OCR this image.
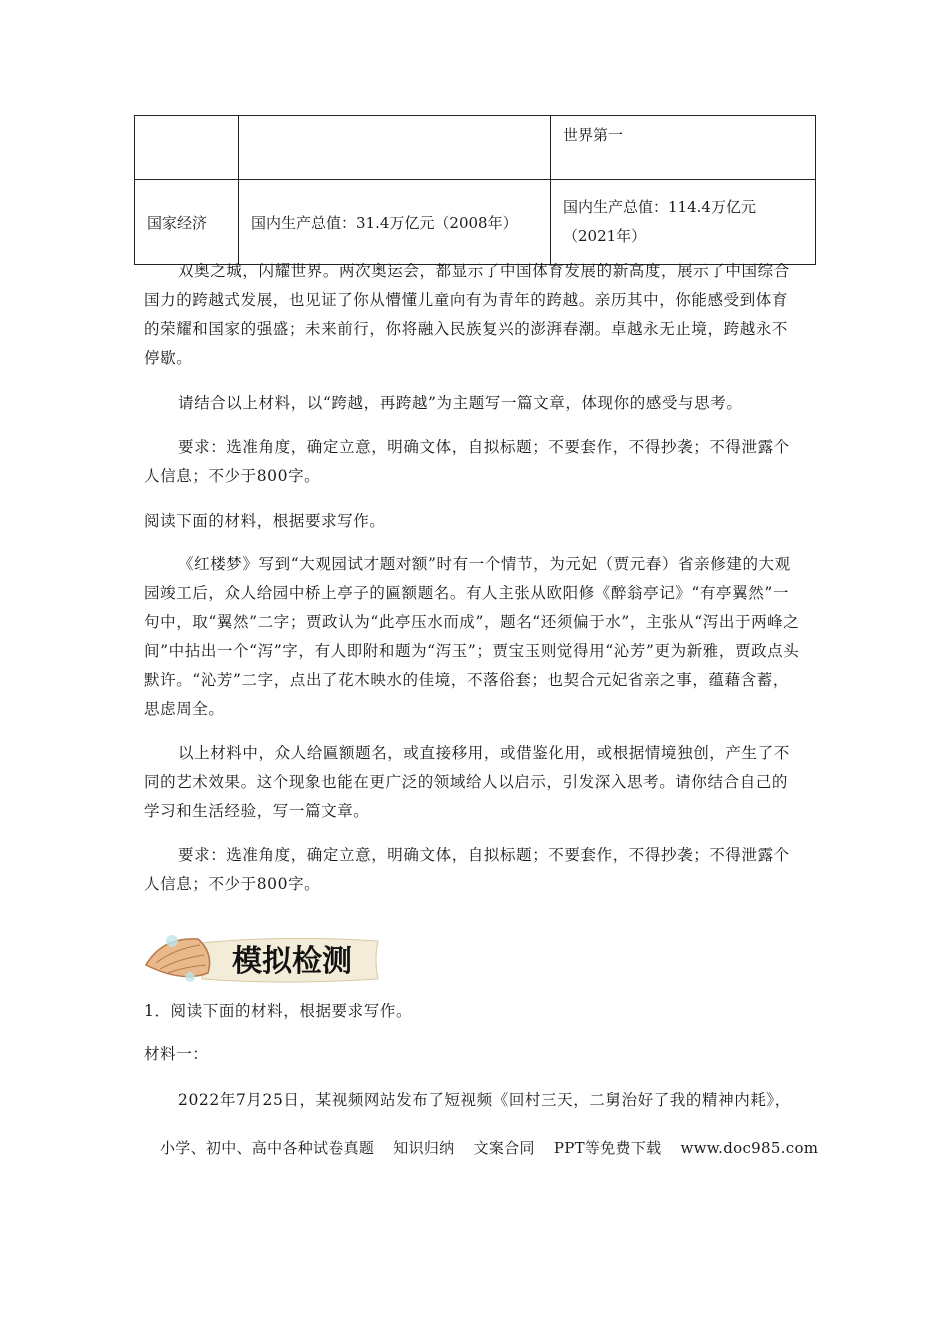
		世界第一
国家经济	国内生产总值：31.4万亿元（2008年）	国内生产总值：114.4万亿元
（2021年）
双奥之城，闪耀世界。两次奥运会，都显示了中国体育发展的新高度，展示了中国综合国力的跨越式发展，也见证了你从懵懂儿童向有为青年的跨越。亲历其中，你能感受到体育的荣耀和国家的强盛；未来前行，你将融入民族复兴的澎湃春潮。卓越永无止境，跨越永不停歇。
请结合以上材料，以“跨越，再跨越”为主题写一篇文章，体现你的感受与思考。
要求：选准角度，确定立意，明确文体，自拟标题；不要套作，不得抄袭；不得泄露个人信息；不少于800字。
阅读下面的材料，根据要求写作。
《红楼梦》写到“大观园试才题对额”时有一个情节，为元妃（贾元春）省亲修建的大观园竣工后，众人给园中桥上亭子的匾额题名。有人主张从欧阳修《醉翁亭记》“有亭翼然”一句中，取“翼然”二字；贾政认为“此亭压水而成”，题名“还须偏于水”，主张从“泻出于两峰之间”中拈出一个“泻”字，有人即附和题为“泻玉”；贾宝玉则觉得用“沁芳”更为新雅，贾政点头默许。“沁芳”二字，点出了花木映水的佳境，不落俗套；也契合元妃省亲之事，蕴藉含蓄，思虑周全。
以上材料中，众人给匾额题名，或直接移用，或借鉴化用，或根据情境独创，产生了不同的艺术效果。这个现象也能在更广泛的领域给人以启示，引发深入思考。请你结合自己的学习和生活经验，写一篇文章。
要求：选准角度，确定立意，明确文体，自拟标题；不要套作，不得抄袭；不得泄露个人信息；不少于800字。
模拟检测
1．阅读下面的材料，根据要求写作。
材料一：
2022年7月25日，某视频网站发布了短视频《回村三天，二舅治好了我的精神内耗》，
小学、初中、高中各种试卷真题 知识归纳 文案合同 PPT等免费下载 www.doc985.com
